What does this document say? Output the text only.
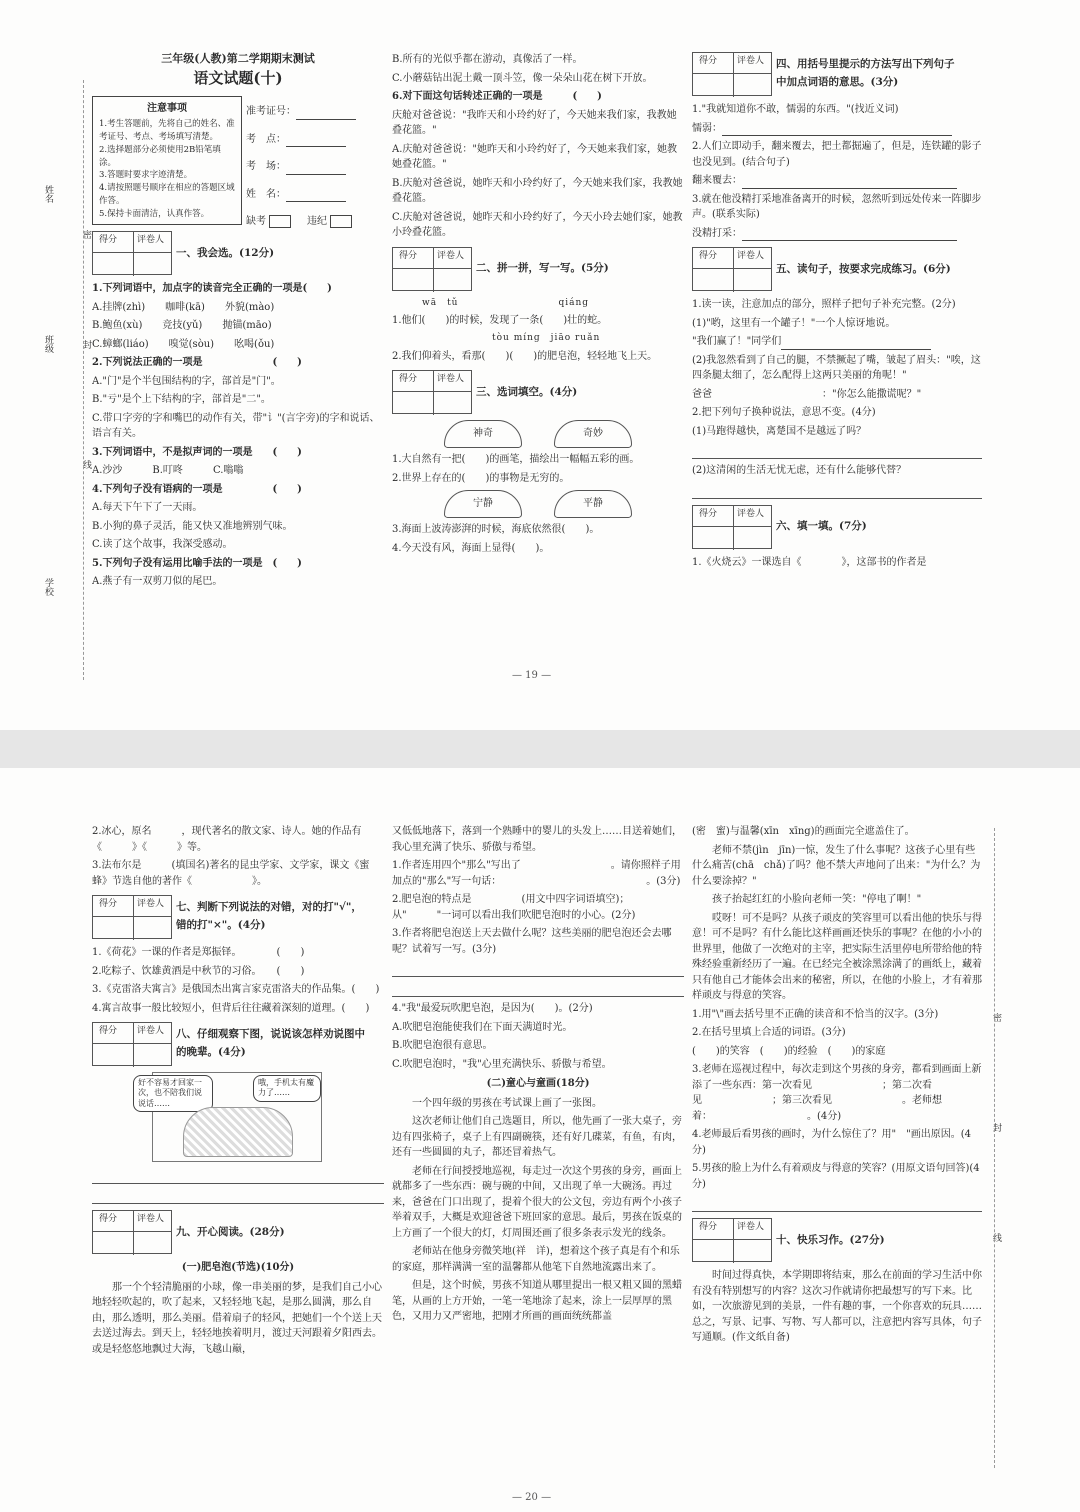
姓名
密
班级	封
线
学校
三年级(人教)第二学期期末测试
语文试题(十)
注意事项
1.考生答题前，先将自己的姓名、准考证号、考点、考场填写清楚。
2.选择题部分必须使用2B铅笔填涂。
3.答题时要求字迹清楚。
4.请按照题号顺序在相应的答题区域作答。
5.保持卡面清洁，认真作答。
得分 评卷人
一、我会选。(12分)

1.下列词语中，加点字的读音完全正确的一项是(　　)

A.挂牌(zhì)　　 咖啡(kā)　　 外貌(mào)

B.鲍鱼(xù)　　 竞技(yǔ)　　 抛锚(māo)

C.蟑螂(liáo)　　 嗅觉(sòu)　　 吆喝(ǒu)

2.下列说法正确的一项是　　　　　　　(　　)

A."门"是个半包围结构的字，部首是"门"。

B."亏"是个上下结构的字，部首是"二"。

C.带口字旁的字和嘴巴的动作有关，带"讠"(言字旁)的字和说话、语言有关。

3.下列词语中，不是拟声词的一项是　　(　　)

A.沙沙　　　	B.叮咚　　　	C.嗡嗡

4.下列句子没有语病的一项是　　　　　(　　)

A.每天下午下了一天雨。

B.小狗的鼻子灵活，能又快又准地辨别气味。

C.读了这个故事，我深受感动。

5.下列句子没有运用比喻手法的一项是　(　　)

A.燕子有一双剪刀似的尾巴。

准考证号：
考　点：
考　场：
姓　名：
缺考	违纪

B.所有的光似乎都在游动，真像活了一样。

C.小蘑菇钻出泥土戴一顶斗笠，像一朵朵山花在树下开放。

6.对下面这句话转述正确的一项是　　　(　　)

庆舱对爸爸说："我昨天和小玲约好了，今天她来我们家，我教她叠花篮。"

A.庆舱对爸爸说："她昨天和小玲约好了，今天她来我们家，她教她叠花篮。"

B.庆舱对爸爸说，她昨天和小玲约好了，今天她来我们家，我教她叠花篮。

C.庆舱对爸爸说，她昨天和小玲约好了，今天小玲去她们家，她教小玲叠花篮。

得分 评卷人
二、拼一拼，写一写。(5分)

wā　tǔ　　　　　　　　　　qiáng

1.他们(　　)的时候，发现了一条(　　)壮的蛇。

tòu míng　jiāo ruǎn

2.我们仰着头，看那(　　)(　　)的肥皂泡，轻轻地飞上天。

得分 评卷人
三、选词填空。(4分)
神奇	奇妙

1.大自然有一把(　　)的画笔，描绘出一幅幅五彩的画。

2.世界上存在的(　　)的事物是无穷的。

宁静	平静

3.海面上波涛澎湃的时候，海底依然很(　　)。

4.今天没有风，海面上显得(　　)。

— 19 —
得分 评卷人 四、用括号里提示的方法写出下列句子
中加点词语的意思。(3分)

1."我就知道你不敢，懦弱的东西。"(找近义词)

懦弱：

2.人们立即动手，翻来覆去，把土都掘遍了，但是，连铁罐的影子也没见到。(结合句子)

翻来覆去：

3.就在他没精打采地准备离开的时候，忽然听到远处传来一阵脚步声。(联系实际)

没精打采：

得分 评卷人
五、读句子，按要求完成练习。(6分)

1.读一读，注意加点的部分，照样子把句子补充完整。(2分)

(1)"哟，这里有一个罐子！"一个人惊讶地说。

"我们赢了！"同学们

(2)我忽然看到了自己的腿，不禁撅起了嘴，皱起了眉头："唉，这四条腿太细了，怎么配得上这两只美丽的角呢！"

爸爸　　　　　　　　　　　："你怎么能撒谎呢？"

2.把下列句子换种说法，意思不变。(4分)

(1)马跑得越快，离楚国不是越远了吗？

(2)这清闲的生活无忧无虑，还有什么能够代替？

得分 评卷人
六、填一填。(7分)

1.《火烧云》一课选自《　　　　》，这部书的作者是

2.冰心，原名　　　，现代著名的散文家、诗人。她的作品有《　　　》《　　　》等。

3.法布尔是　　　(填国名)著名的昆虫学家、文学家，课文《蜜蜂》节选自他的著作《　　　　　　》。

得分 评卷人 七、判断下列说法的对错，对的打"√"，
错的打"×"。(4分)

1.《荷花》一课的作者是郑振铎。　　　　(　　)

2.吃粽子、饮雄黄酒是中秋节的习俗。　　(　　)

3.《克雷洛夫寓言》是俄国杰出寓言家克雷洛夫的作品集。(　　)

4.寓言故事一般比较短小，但背后往往藏着深刻的道理。(　　)

得分 评卷人 八、仔细观察下图，说说该怎样劝说图中
的晚辈。(4分)
好不容易才回家一次，也不陪我们说说话……
哦，手机太有魔力了……
得分 评卷人
九、开心阅读。(28分)
(一)肥皂泡(节选)(10分)

那一个个轻清脆丽的小球，像一串美丽的梦，是我们自己小心地轻轻吹起的，吹了起来，又轻轻地飞起，是那么圆满，那么自由，那么透明，那么美丽。借着扇子的轻风，把她们一个个送上天去送过海去。到天上，轻轻地挨着明月，渡过天河跟着夕阳西去。或是轻悠悠地飘过大海，飞越山巅，

又低低地落下，落到一个熟睡中的婴儿的头发上……目送着她们，我心里充满了快乐、骄傲与希望。

1.作者连用四个"那么"写出了　　　　　　　　　。请你照样子用加点的"那么"写一句话：　　　　　　　　　　　　　　　。(3分)

2.肥皂泡的特点是　　　　　(用文中四字词语填空)；从"　　　"一词可以看出我们吹肥皂泡时的小心。(2分)

3.作者将肥皂泡送上天去做什么呢？这些美丽的肥皂泡还会去哪呢？试着写一写。(3分)

4."我"最爱玩吹肥皂泡，是因为(　　)。(2分)

A.吹肥皂泡能使我们在下面天满道时光。

B.吹肥皂泡很有意思。

C.吹肥皂泡时，"我"心里充满快乐、骄傲与希望。

(二)童心与童画(18分)

一个四年级的男孩在考试课上画了一张图。

这次老师让他们自己选题目，所以，他先画了一张大桌子，旁边有四张椅子，桌子上有四副碗筷，还有好几碟菜，有鱼，有肉，还有一些圆圆的丸子，都还冒着热气。

老师在行间授授地巡视，每走过一次这个男孩的身旁，画面上就都多了一些东西：碗与碗的中间，又出现了单一大碗汤。再过来，爸爸在门口出现了，提着个很大的公文包，旁边有两个小孩子举着双手，大概是欢迎爸爸下班回家的意思。最后，男孩在饭桌的上方画了一个很大的灯，灯周围还画了很多条表示发光的线条。

老师站在他身旁微笑地(祥　详)，想着这个孩子真是有个和乐的家庭，那样满满一室的温馨都从他笔下自然地流露出来了。

但是，这个时候，男孩不知道从哪里提出一根又粗又圆的黑蜡笔，从画的上方开始，一笔一笔地涂了起来，涂上一层厚厚的黑色，又用力又严密地，把刚才所画的画面统统都盖

— 20 —

(密　蜜)与温馨(xīn　xīng)的画面完全遮盖住了。

老师不禁(jìn　jīn)一惊，发生了什么事呢？这孩子心里有些什么痛苦(chā　chǎ)了吗？他不禁大声地问了出来："为什么？为什么要涂掉？"

孩子抬起红红的小脸向老师一笑："停电了啊！"

哎呀！可不是吗？从孩子顽皮的笑容里可以看出他的快乐与得意！可不是吗？有什么能比这样画画还快乐的事呢？在他的小小的世界里，他做了一次绝对的主宰，把实际生活里停电所带给他的特殊经验重新经历了一遍。在已经完全被涂黑涂满了的画纸上，藏着只有他自己才能体会出来的秘密，所以，在他的小脸上，才有着那样顽皮与得意的笑容。

1.用"\"画去括号里不正确的读音和不恰当的汉字。(3分)

2.在括号里填上合适的词语。(3分)

(　　)的笑容　(　　)的经验　(　　)的家庭

3.老师在巡视过程中，每次走到这个男孩的身旁，都看到画面上新添了一些东西：第一次看见　　　　　　　；第二次看见　　　　　　　；第三次看见　　　　　　　。老师想着：　　　　　　　　　　。(4分)

4.老师最后看男孩的画时，为什么惊住了？用"　"画出原因。(4分)

5.男孩的脸上为什么有着顽皮与得意的笑容？(用原文语句回答)(4分)

得分 评卷人
十、快乐习作。(27分)

时间过得真快，本学期即将结束，那么在前面的学习生活中你有没有特别想写的内容？这次习作就请你把最想写的写下来。比如，一次旅游见到的美景，一件有趣的事，一个你喜欢的玩具……总之，写景、记事、写物、写人都可以，注意把内容写具体，句子写通顺。(作文纸自备)

密
封
线
